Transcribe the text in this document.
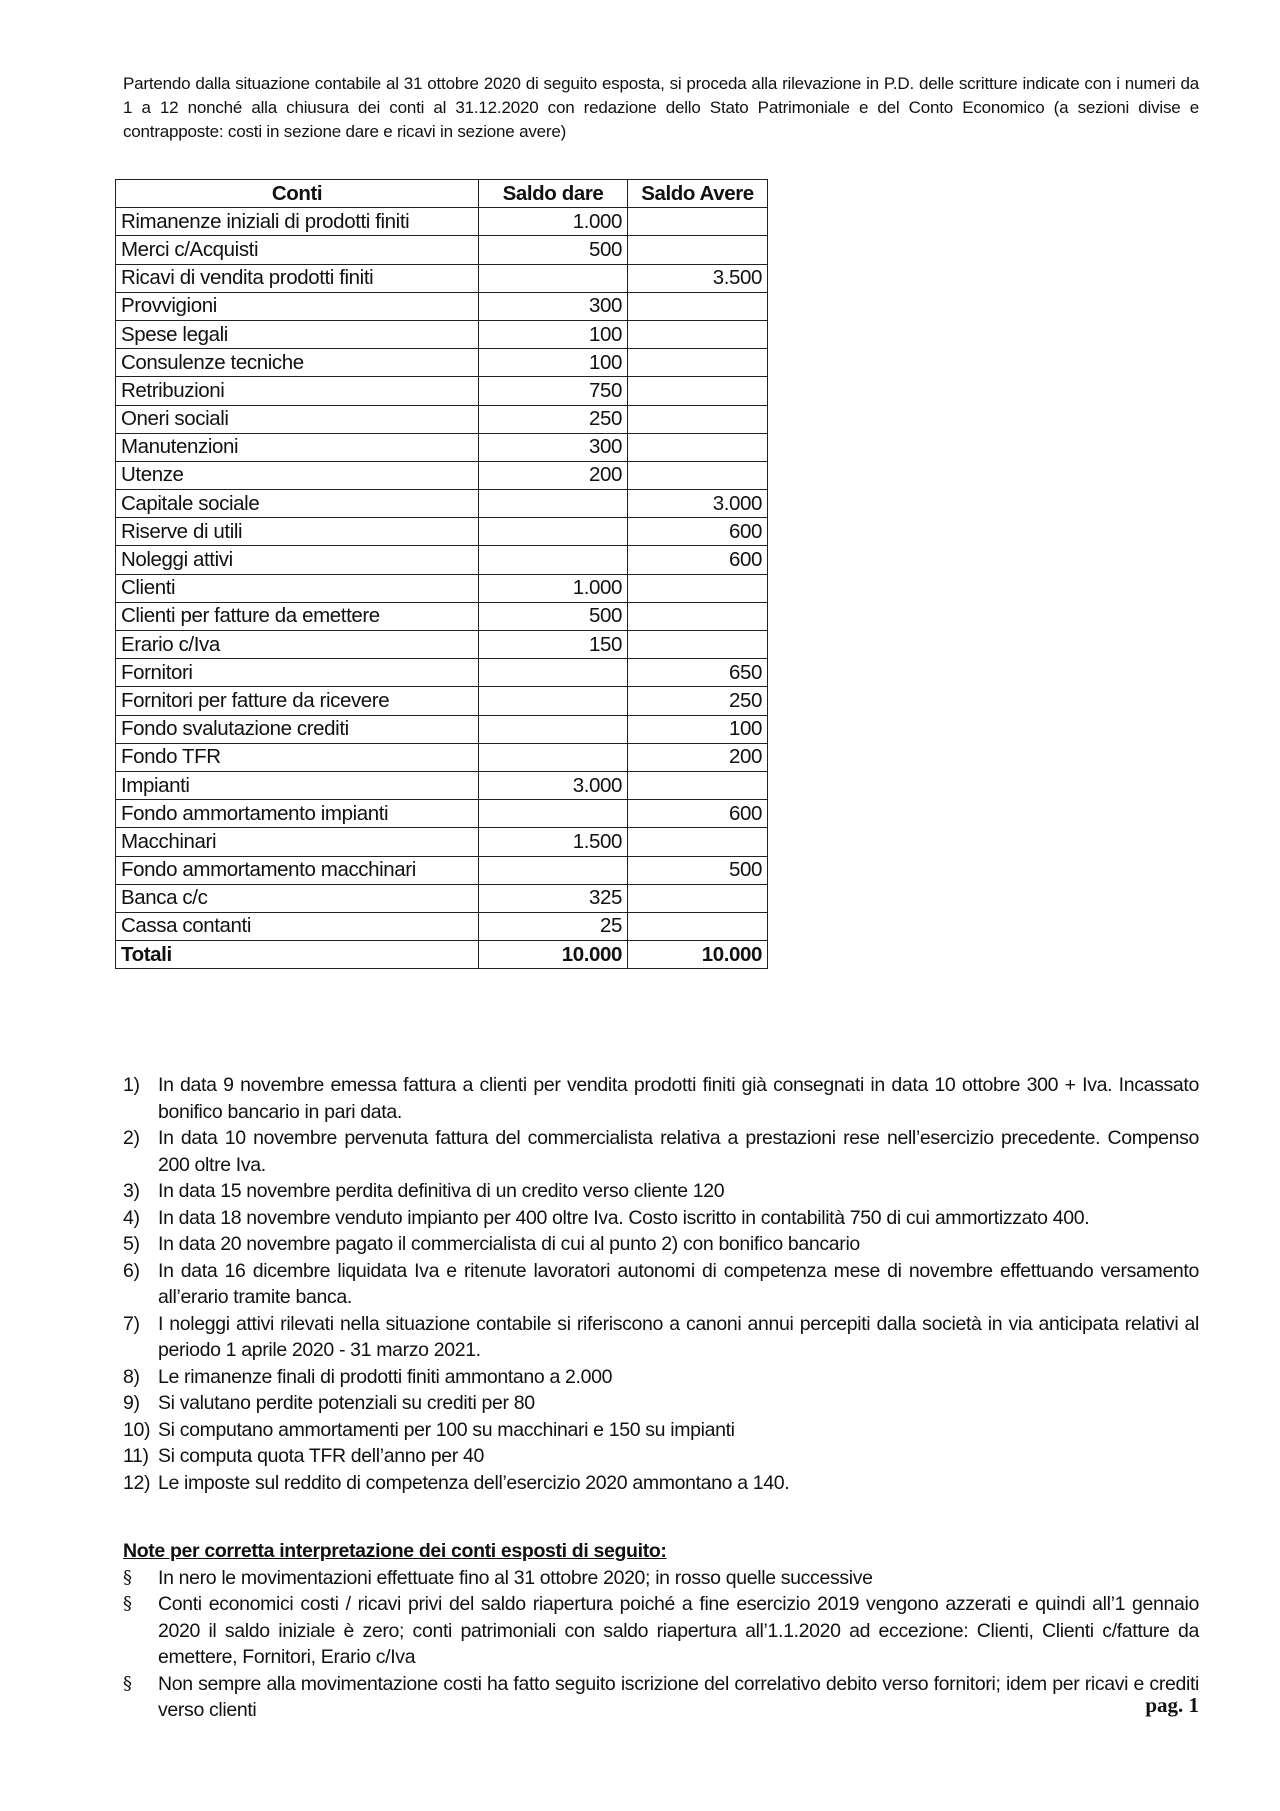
Partendo dalla situazione contabile al 31 ottobre 2020 di seguito esposta, si proceda alla rilevazione in P.D. delle scritture indicate con i numeri da 1 a 12 nonché alla chiusura dei conti al 31.12.2020 con redazione dello Stato Patrimoniale e del Conto Economico (a sezioni divise e contrapposte: costi in sezione dare e ricavi in sezione avere)

Conti	Saldo dare	Saldo Avere
Rimanenze iniziali di prodotti finiti	1.000	
Merci c/Acquisti	500	
Ricavi di vendita prodotti finiti		3.500
Provvigioni	300	
Spese legali	100	
Consulenze tecniche	100	
Retribuzioni	750	
Oneri sociali	250	
Manutenzioni	300	
Utenze	200	
Capitale sociale		3.000
Riserve di utili		600
Noleggi attivi		600
Clienti	1.000	
Clienti per fatture da emettere	500	
Erario c/Iva	150	
Fornitori		650
Fornitori per fatture da ricevere		250
Fondo svalutazione crediti		100
Fondo TFR		200
Impianti	3.000	
Fondo ammortamento impianti		600
Macchinari	1.500	
Fondo ammortamento macchinari		500
Banca c/c	325	
Cassa contanti	25	
Totali	10.000	10.000
1) In data 9 novembre emessa fattura a clienti per vendita prodotti finiti già consegnati in data 10 ottobre 300 + Iva. Incassato bonifico bancario in pari data.
2) In data 10 novembre pervenuta fattura del commercialista relativa a prestazioni rese nell’esercizio precedente. Compenso 200 oltre Iva.
3) In data 15 novembre perdita definitiva di un credito verso cliente 120
4) In data 18 novembre venduto impianto per 400 oltre Iva. Costo iscritto in contabilità 750 di cui ammortizzato 400.
5) In data 20 novembre pagato il commercialista di cui al punto 2) con bonifico bancario
6) In data 16 dicembre liquidata Iva e ritenute lavoratori autonomi di competenza mese di novembre effettuando versamento all’erario tramite banca.
7) I noleggi attivi rilevati nella situazione contabile si riferiscono a canoni annui percepiti dalla società in via anticipata relativi al periodo 1 aprile 2020 - 31 marzo 2021.
8) Le rimanenze finali di prodotti finiti ammontano a 2.000
9) Si valutano perdite potenziali su crediti per 80
10) Si computano ammortamenti per 100 su macchinari e 150 su impianti
11) Si computa quota TFR dell’anno per 40
12) Le imposte sul reddito di competenza dell’esercizio 2020 ammontano a 140.

Note per corretta interpretazione dei conti esposti di seguito:

§ In nero le movimentazioni effettuate fino al 31 ottobre 2020; in rosso quelle successive
§ Conti economici costi / ricavi privi del saldo riapertura poiché a fine esercizio 2019 vengono azzerati e quindi all’1 gennaio 2020 il saldo iniziale è zero; conti patrimoniali con saldo riapertura all’1.1.2020 ad eccezione: Clienti, Clienti c/fatture da emettere, Fornitori, Erario c/Iva
§ Non sempre alla movimentazione costi ha fatto seguito iscrizione del correlativo debito verso fornitori; idem per ricavi e crediti verso clienti	pag. 1
